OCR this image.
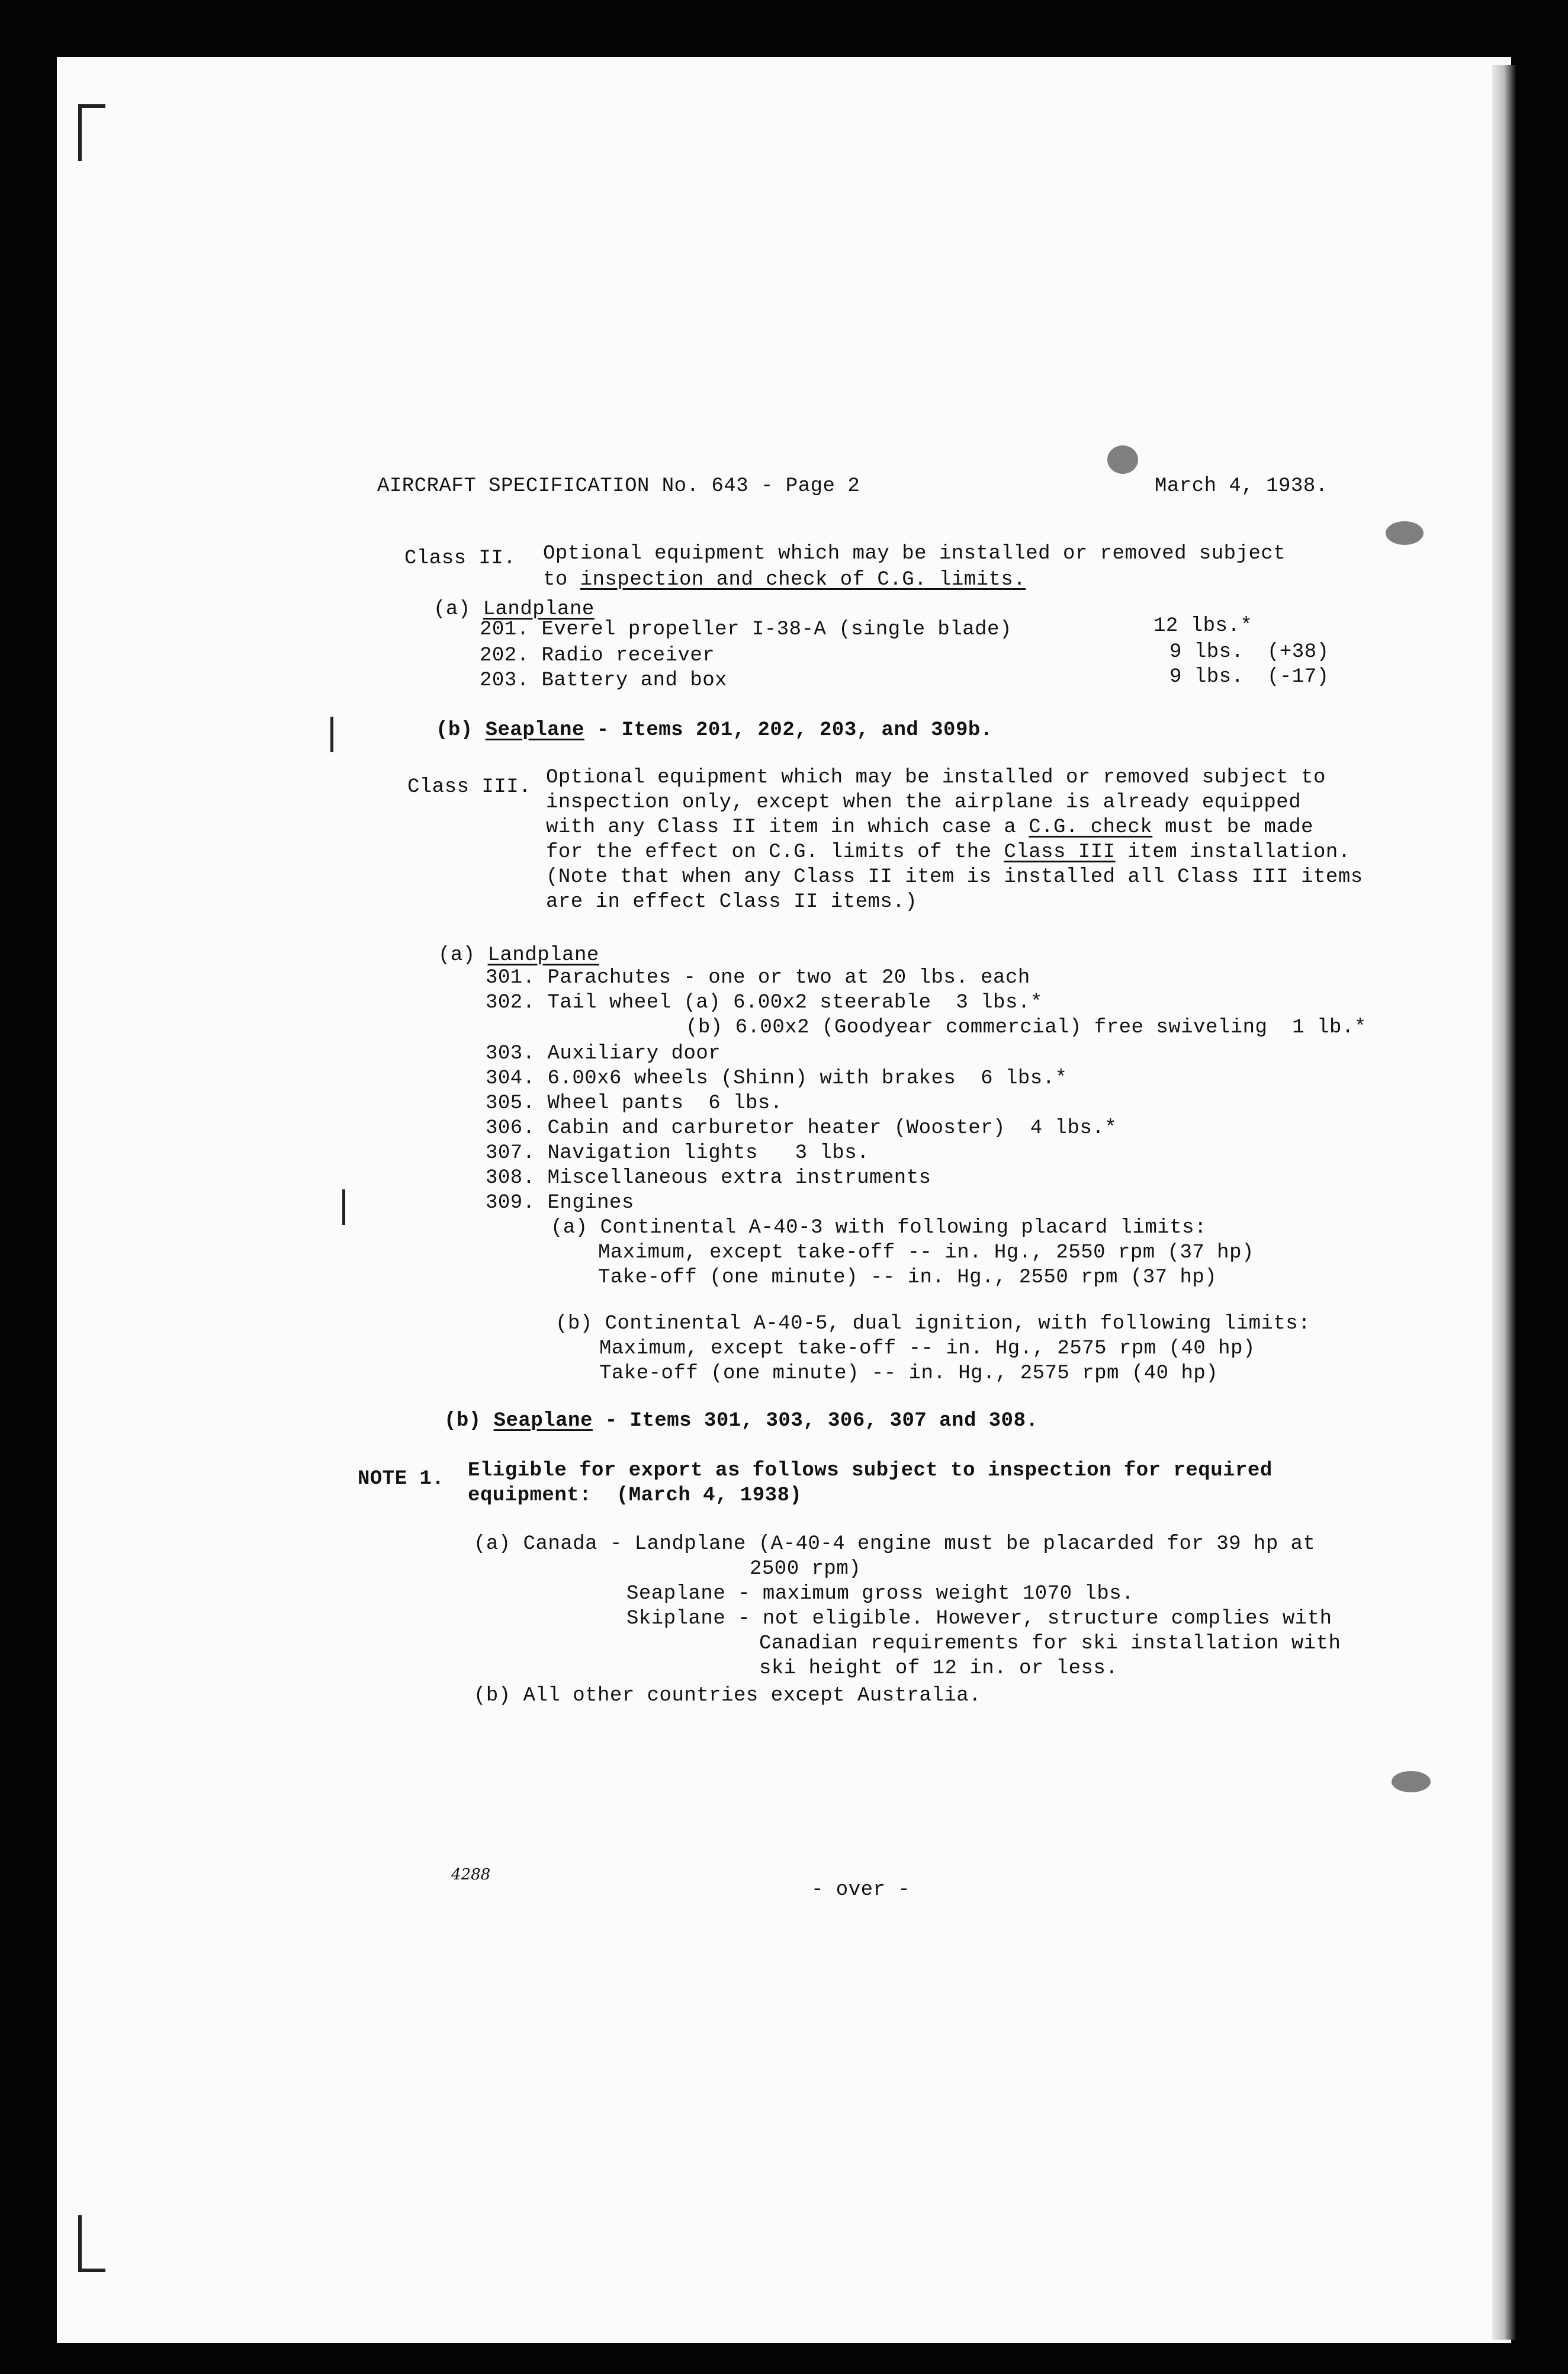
AIRCRAFT SPECIFICATION No. 643 - Page 2	March 4, 1938.
Class II. Optional equipment which may be installed or removed subject
to inspection and check of C.G. limits.
(a) Landplane
201. Everel propeller I-38-A (single blade)	12 lbs.*
202. Radio receiver	9 lbs. (+38)
203. Battery and box	9 lbs. (-17)
(b) Seaplane - Items 201, 202, 203, and 309b.
Class III. Optional equipment which may be installed or removed subject to
inspection only, except when the airplane is already equipped
with any Class II item in which case a C.G. check must be made
for the effect on C.G. limits of the Class III item installation.
(Note that when any Class II item is installed all Class III items
are in effect Class II items.)
(a) Landplane
301. Parachutes - one or two at 20 lbs. each
302. Tail wheel (a) 6.00x2 steerable  3 lbs.*
(b) 6.00x2 (Goodyear commercial) free swiveling  1 lb.*
303. Auxiliary door
304. 6.00x6 wheels (Shinn) with brakes  6 lbs.*
305. Wheel pants  6 lbs.
306. Cabin and carburetor heater (Wooster)  4 lbs.*
307. Navigation lights   3 lbs.
308. Miscellaneous extra instruments
309. Engines
(a) Continental A-40-3 with following placard limits:
Maximum, except take-off -- in. Hg., 2550 rpm (37 hp)
Take-off (one minute) -- in. Hg., 2550 rpm (37 hp)
(b) Continental A-40-5, dual ignition, with following limits:
Maximum, except take-off -- in. Hg., 2575 rpm (40 hp)
Take-off (one minute) -- in. Hg., 2575 rpm (40 hp)
(b) Seaplane - Items 301, 303, 306, 307 and 308.
NOTE 1. Eligible for export as follows subject to inspection for required
equipment:  (March 4, 1938)
(a) Canada - Landplane (A-40-4 engine must be placarded for 39 hp at
2500 rpm)
Seaplane - maximum gross weight 1070 lbs.
Skiplane - not eligible. However, structure complies with
Canadian requirements for ski installation with
ski height of 12 in. or less.
(b) All other countries except Australia.
4288
- over -
